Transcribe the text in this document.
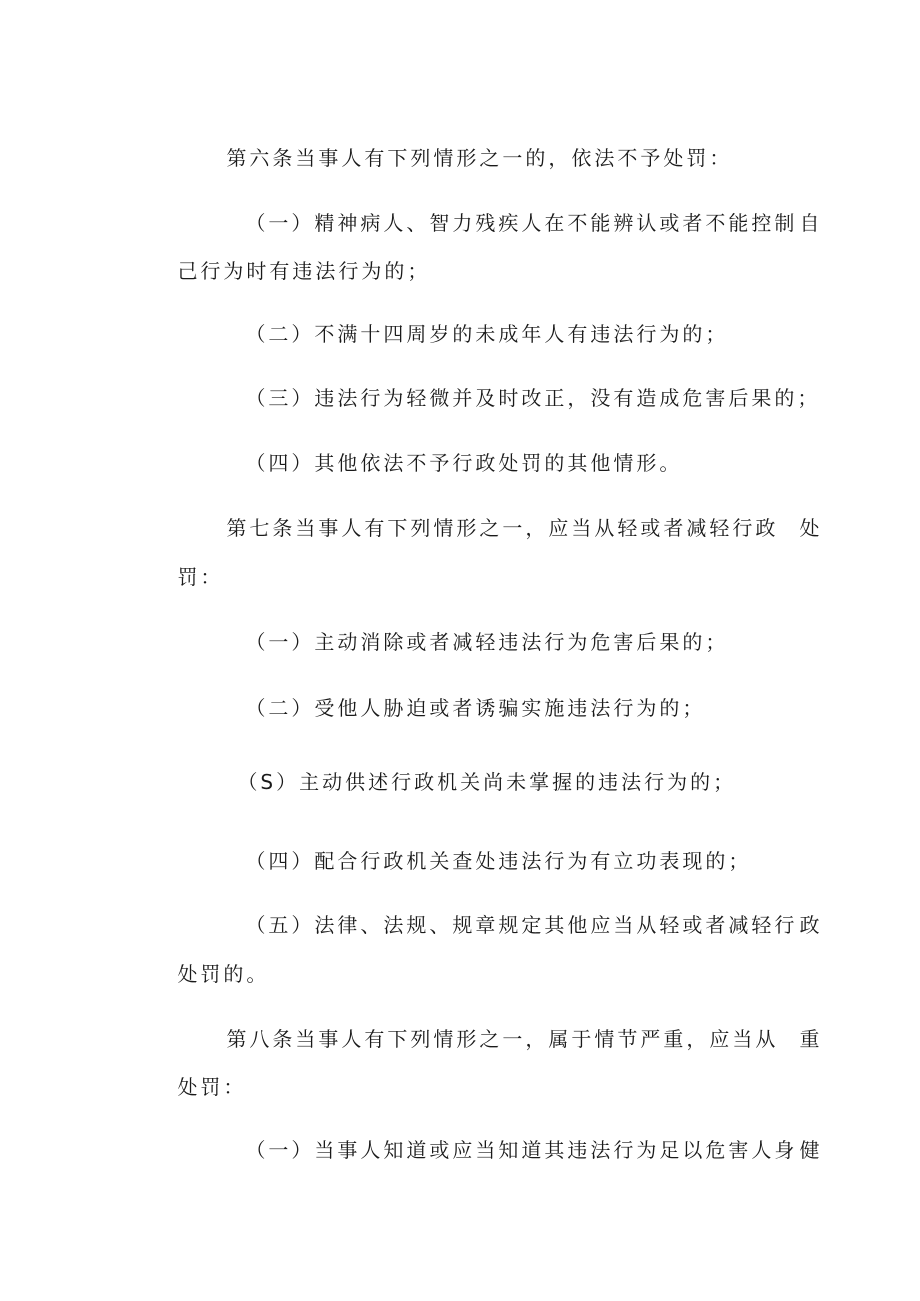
第六条当事人有下列情形之一的，依法不予处罚：

（一）精神病人、智力残疾人在不能辨认或者不能控制
自

己行为时有违法行为的；

（二）不满十四周岁的未成年人有违法行为的；

（三）违法行为轻微并及时改正，没有造成危害后果的；

（四）其他依法不予行政处罚的其他情形。

第七条当事人有下列情形之一，应当从轻或者减轻行政
	处

罚：

（一）主动消除或者减轻违法行为危害后果的；

（二）受他人胁迫或者诱骗实施违法行为的；

（S）主动供述行政机关尚未掌握的违法行为的；

（四）配合行政机关查处违法行为有立功表现的；

（五）法律、法规、规章规定其他应当从轻或者减轻行
政

处罚的。

第八条当事人有下列情形之一，属于情节严重，应当从
	重

处罚：

（一）当事人知道或应当知道其违法行为足以危害人身
健
